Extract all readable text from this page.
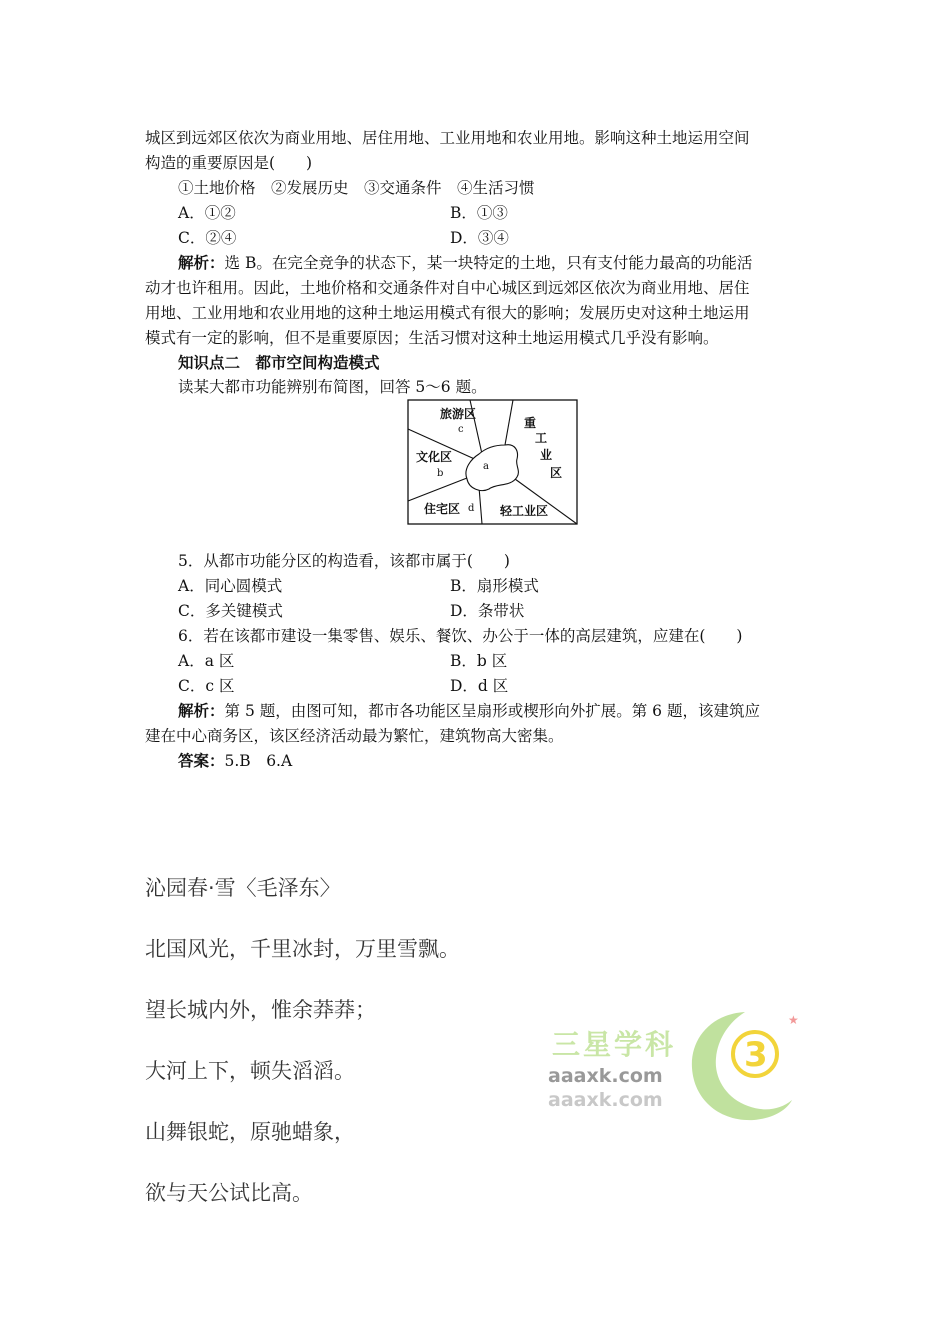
城区到远郊区依次为商业用地、居住用地、工业用地和农业用地。影响这种土地运用空间
构造的重要原因是(　　)
①土地价格　②发展历史　③交通条件　④生活习惯
A．①②	B．①③
C．②④	D．③④
解析：选 B。在完全竞争的状态下，某一块特定的土地，只有支付能力最高的功能活
动才也许租用。因此，土地价格和交通条件对自中心城区到远郊区依次为商业用地、居住
用地、工业用地和农业用地的这种土地运用模式有很大的影响；发展历史对这种土地运用
模式有一定的影响，但不是重要原因；生活习惯对这种土地运用模式几乎没有影响。
知识点二　都市空间构造模式
读某大都市功能辨别布简图，回答 5～6 题。
旅游区
c	重
工
业
区
文化区
b
a
住宅区 d 轻工业区
5．从都市功能分区的构造看，该都市属于(　　)
A．同心圆模式	B．扇形模式
C．多关键模式	D．条带状
6．若在该都市建设一集零售、娱乐、餐饮、办公于一体的高层建筑，应建在(　　)
A．a 区	B．b 区
C．c 区	D．d 区
解析：第 5 题，由图可知，都市各功能区呈扇形或楔形向外扩展。第 6 题，该建筑应
建在中心商务区，该区经济活动最为繁忙，建筑物高大密集。
答案：5.B　6.A
沁园春·雪〈毛泽东〉
北国风光，千里冰封，万里雪飘。
望长城内外，惟余莽莽；
大河上下，顿失滔滔。
山舞银蛇，原驰蜡象，
欲与天公试比高。
3
★
三星学科
aaaxk.com
aaaxk.com
